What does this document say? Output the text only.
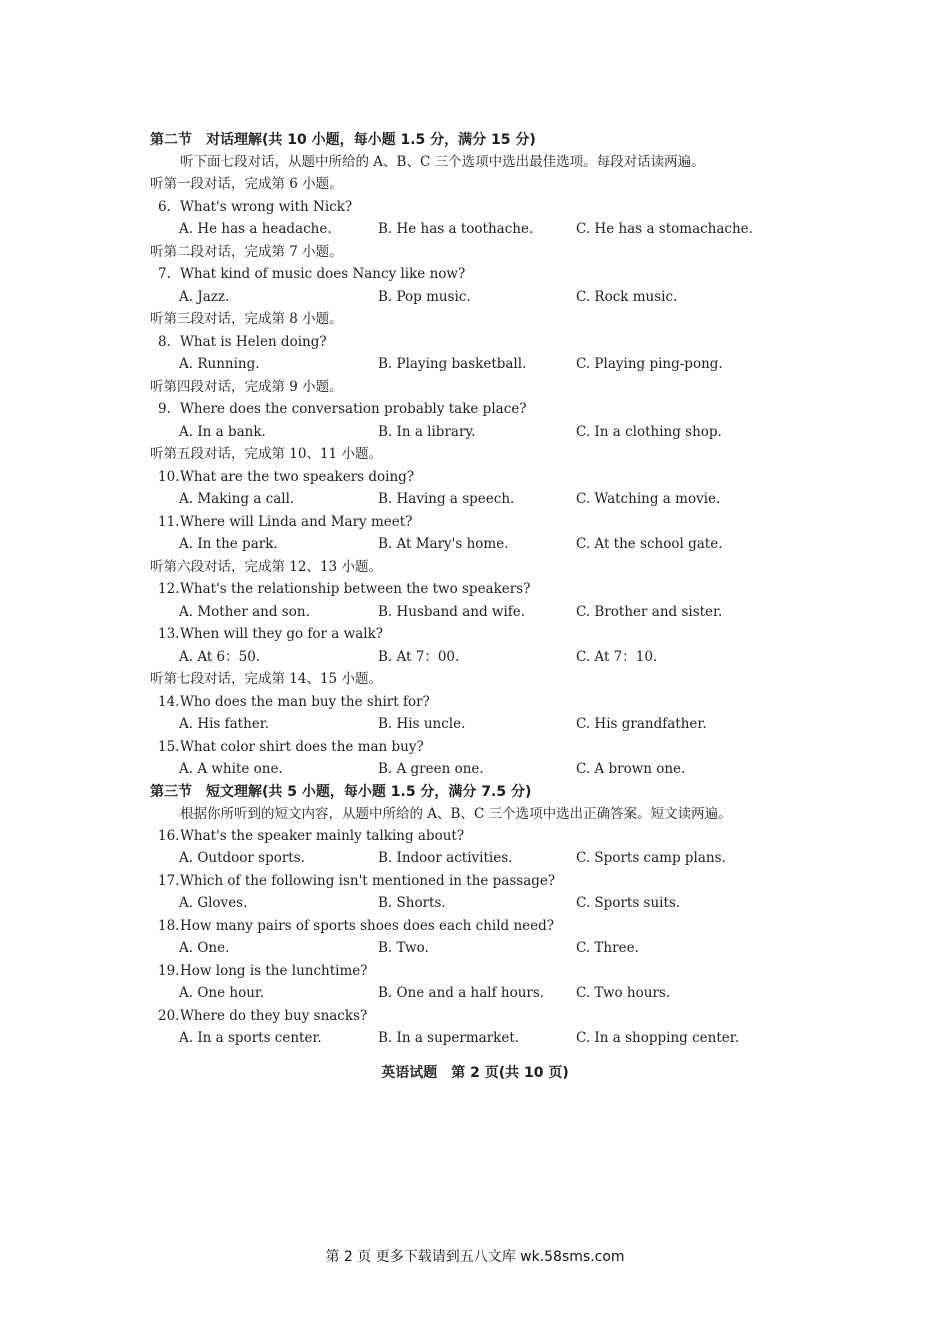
第二节　对话理解(共 10 小题，每小题 1.5 分，满分 15 分)
听下面七段对话，从题中所给的 A、B、C 三个选项中选出最佳选项。每段对话读两遍。
听第一段对话，完成第 6 小题。
6. What's wrong with Nick?
A. He has a headache.	B. He has a toothache.	C. He has a stomachache.
听第二段对话，完成第 7 小题。
7. What kind of music does Nancy like now?
A. Jazz.	B. Pop music.	C. Rock music.
听第三段对话，完成第 8 小题。
8. What is Helen doing?
A. Running.	B. Playing basketball.	C. Playing ping-pong.
听第四段对话，完成第 9 小题。
9. Where does the conversation probably take place?
A. In a bank.	B. In a library.	C. In a clothing shop.
听第五段对话，完成第 10、11 小题。
10.What are the two speakers doing?
A. Making a call.	B. Having a speech.	C. Watching a movie.
11.Where will Linda and Mary meet?
A. In the park.	B. At Mary's home.	C. At the school gate.
听第六段对话，完成第 12、13 小题。
12.What's the relationship between the two speakers?
A. Mother and son.	B. Husband and wife.	C. Brother and sister.
13.When will they go for a walk?
A. At 6：50.	B. At 7：00.	C. At 7：10.
听第七段对话，完成第 14、15 小题。
14.Who does the man buy the shirt for?
A. His father.	B. His uncle.	C. His grandfather.
15.What color shirt does the man buy?
A. A white one.	B. A green one.	C. A brown one.
第三节　短文理解(共 5 小题，每小题 1.5 分，满分 7.5 分)
根据你所听到的短文内容，从题中所给的 A、B、C 三个选项中选出正确答案。短文读两遍。
16.What's the speaker mainly talking about?
A. Outdoor sports.	B. Indoor activities.	C. Sports camp plans.
17.Which of the following isn't mentioned in the passage?
A. Gloves.	B. Shorts.	C. Sports suits.
18.How many pairs of sports shoes does each child need?
A. One.	B. Two.	C. Three.
19.How long is the lunchtime?
A. One hour.	B. One and a half hours. C. Two hours.
20.Where do they buy snacks?
A. In a sports center.	B. In a supermarket.	C. In a shopping center.
英语试题　第 2 页(共 10 页)
第 2 页 更多下载请到五八文库 wk.58sms.com
